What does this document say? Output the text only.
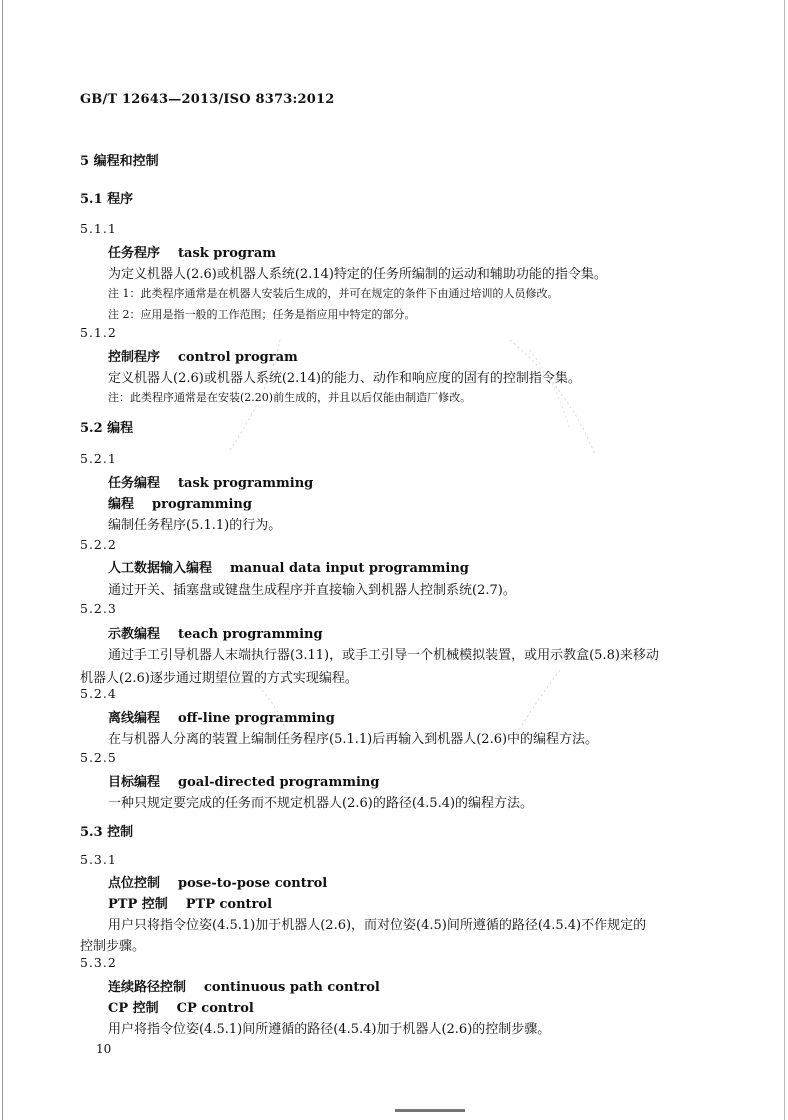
GB/T 12643—2013/ISO 8373:2012
5 编程和控制
5.1 程序
5.1.1
任务程序 task program
为定义机器人(2.6)或机器人系统(2.14)特定的任务所编制的运动和辅助功能的指令集。
注 1：此类程序通常是在机器人安装后生成的，并可在规定的条件下由通过培训的人员修改。
注 2：应用是指一般的工作范围；任务是指应用中特定的部分。
5.1.2
控制程序 control program
定义机器人(2.6)或机器人系统(2.14)的能力、动作和响应度的固有的控制指令集。
注：此类程序通常是在安装(2.20)前生成的，并且以后仅能由制造厂修改。
5.2 编程
5.2.1
任务编程 task programming
编程 programming
编制任务程序(5.1.1)的行为。
5.2.2
人工数据输入编程 manual data input programming
通过开关、插塞盘或键盘生成程序并直接输入到机器人控制系统(2.7)。
5.2.3
示教编程 teach programming
通过手工引导机器人末端执行器(3.11)，或手工引导一个机械模拟装置，或用示教盒(5.8)来移动
机器人(2.6)逐步通过期望位置的方式实现编程。
5.2.4
离线编程 off-line programming
在与机器人分离的装置上编制任务程序(5.1.1)后再输入到机器人(2.6)中的编程方法。
5.2.5
目标编程 goal-directed programming
一种只规定要完成的任务而不规定机器人(2.6)的路径(4.5.4)的编程方法。
5.3 控制
5.3.1
点位控制 pose-to-pose control
PTP 控制 PTP control
用户只将指令位姿(4.5.1)加于机器人(2.6)，而对位姿(4.5)间所遵循的路径(4.5.4)不作规定的
控制步骤。
5.3.2
连续路径控制 continuous path control
CP 控制 CP control
用户将指令位姿(4.5.1)间所遵循的路径(4.5.4)加于机器人(2.6)的控制步骤。
10
